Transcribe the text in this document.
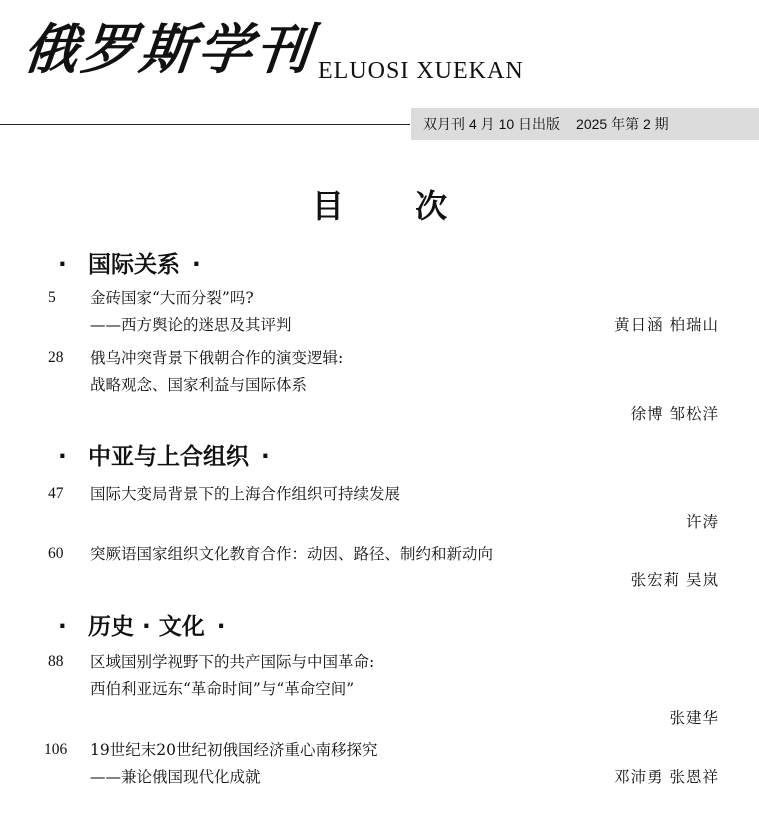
俄罗斯学刊 ELUOSI XUEKAN
双月刊 4 月 10 日出版 2025 年第 2 期
目 次
· 国际关系 ·
5 金砖国家“大而分裂”吗?
——西方舆论的迷思及其评判	黄日涵 柏瑞山
28 俄乌冲突背景下俄朝合作的演变逻辑:
战略观念、国家利益与国际体系
徐博 邹松洋
· 中亚与上合组织 ·
47 国际大变局背景下的上海合作组织可持续发展
许涛
60 突厥语国家组织文化教育合作：动因、路径、制约和新动向
张宏莉 吴岚
· 历史 · 文化 ·
88 区域国别学视野下的共产国际与中国革命:
西伯利亚远东“革命时间”与“革命空间”
张建华
106 19世纪末20世纪初俄国经济重心南移探究
——兼论俄国现代化成就	邓沛勇 张恩祥
